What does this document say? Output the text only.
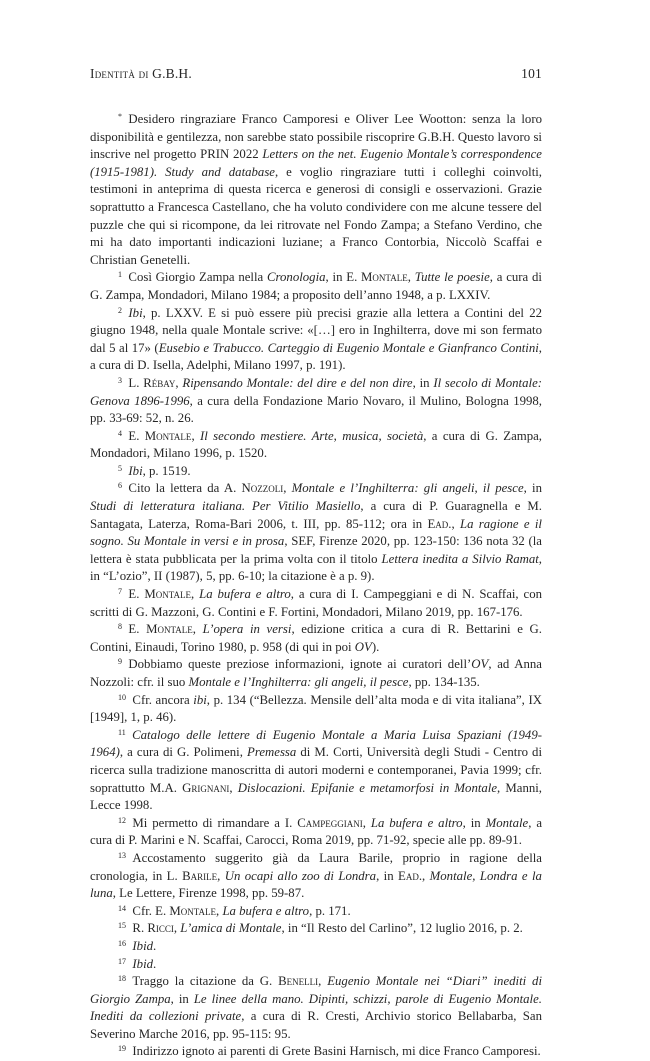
Identità di G.B.H.	101

*  Desidero ringraziare Franco Camporesi e Oliver Lee Wootton: senza la loro disponibilità e gentilezza, non sarebbe stato possibile riscoprire G.B.H. Questo lavoro si inscrive nel progetto PRIN 2022 Letters on the net. Eugenio Montale’s correspondence (1915-1981). Study and database, e voglio ringraziare tutti i colleghi coinvolti, testimoni in anteprima di questa ricerca e generosi di consigli e osservazioni. Grazie soprattutto a Francesca Castellano, che ha voluto condividere con me alcune tessere del puzzle che qui si ricompone, da lei ritrovate nel Fondo Zampa; a Stefano Verdino, che mi ha dato importanti indicazioni luziane; a Franco Contorbia, Niccolò Scaffai e Christian Genetelli.

$^1$  Così Giorgio Zampa nella Cronologia, in E. Montale, Tutte le poesie, a cura di G. Zampa, Mondadori, Milano 1984; a proposito dell’anno 1948, a p. LXXIV.

$^2$  Ibi, p. LXXV. E si può essere più precisi grazie alla lettera a Contini del 22 giugno 1948, nella quale Montale scrive: «[…] ero in Inghilterra, dove mi son fermato dal 5 al 17» (Eusebio e Trabucco. Carteggio di Eugenio Montale e Gianfranco Contini, a cura di D. Isella, Adelphi, Milano 1997, p. 191).

$^3$  L. Rébay, Ripensando Montale: del dire e del non dire, in Il secolo di Montale: Genova 1896-1996, a cura della Fondazione Mario Novaro, il Mulino, Bologna 1998, pp. 33-69: 52, n. 26.

$^4$  E. Montale, Il secondo mestiere. Arte, musica, società, a cura di G. Zampa, Mondadori, Milano 1996, p. 1520.

$^5$  Ibi, p. 1519.

$^6$  Cito la lettera da A. Nozzoli, Montale e l’Inghilterra: gli angeli, il pesce, in Studi di letteratura italiana. Per Vitilio Masiello, a cura di P. Guaragnella e M. Santagata, Laterza, Roma-Bari 2006, t. III, pp. 85-112; ora in Ead., La ragione e il sogno. Su Montale in versi e in prosa, SEF, Firenze 2020, pp. 123-150: 136 nota 32 (la lettera è stata pubblicata per la prima volta con il titolo Lettera inedita a Silvio Ramat, in “L’ozio”, II (1987), 5, pp. 6-10; la citazione è a p. 9).

$^7$  E. Montale, La bufera e altro, a cura di I. Campeggiani e di N. Scaffai, con scritti di G. Mazzoni, G. Contini e F. Fortini, Mondadori, Milano 2019, pp. 167-176.

$^8$  E. Montale, L’opera in versi, edizione critica a cura di R. Bettarini e G. Contini, Einaudi, Torino 1980, p. 958 (di qui in poi OV).

$^9$  Dobbiamo queste preziose informazioni, ignote ai curatori dell’OV, ad Anna Nozzoli: cfr. il suo Montale e l’Inghilterra: gli angeli, il pesce, pp. 134-135.

$^{10}$  Cfr. ancora ibi, p. 134 (“Bellezza. Mensile dell’alta moda e di vita italiana”, IX [1949], 1, p. 46).

$^{11}$  Catalogo delle lettere di Eugenio Montale a Maria Luisa Spaziani (1949-1964), a cura di G. Polimeni, Premessa di M. Corti, Università degli Studi - Centro di ricerca sulla tradizione manoscritta di autori moderni e contemporanei, Pavia 1999; cfr. soprattutto M.A. Grignani, Dislocazioni. Epifanie e metamorfosi in Montale, Manni, Lecce 1998.

$^{12}$  Mi permetto di rimandare a I. Campeggiani, La bufera e altro, in Montale, a cura di P. Marini e N. Scaffai, Carocci, Roma 2019, pp. 71-92, specie alle pp. 89-91.

$^{13}$  Accostamento suggerito già da Laura Barile, proprio in ragione della cronologia, in L. Barile, Un ocapi allo zoo di Londra, in Ead., Montale, Londra e la luna, Le Lettere, Firenze 1998, pp. 59-87.

$^{14}$  Cfr. E. Montale, La bufera e altro, p. 171.

$^{15}$  R. Ricci, L’amica di Montale, in “Il Resto del Carlino”, 12 luglio 2016, p. 2.

$^{16}$  Ibid.

$^{17}$  Ibid.

$^{18}$  Traggo la citazione da G. Benelli, Eugenio Montale nei “Diari” inediti di Giorgio Zampa, in Le linee della mano. Dipinti, schizzi, parole di Eugenio Montale. Inediti da collezioni private, a cura di R. Cresti, Archivio storico Bellabarba, San Severino Marche 2016, pp. 95-115: 95.

$^{19}$  Indirizzo ignoto ai parenti di Grete Basini Harnisch, mi dice Franco Camporesi.
